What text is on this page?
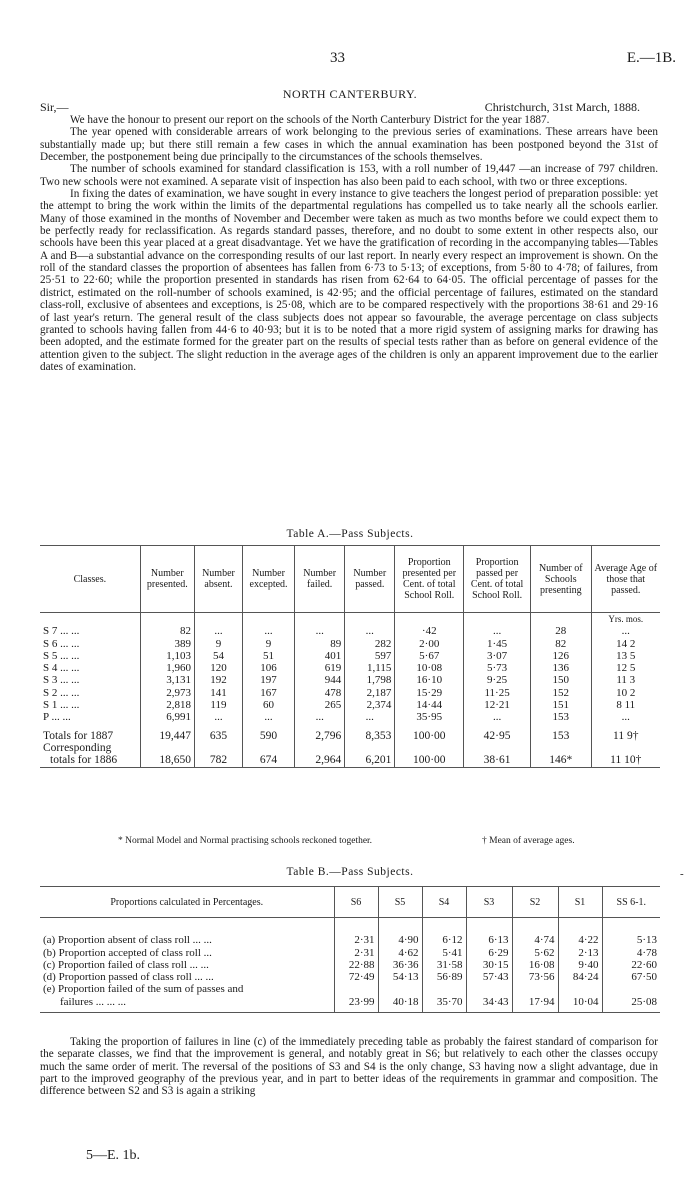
33	E.—1B.
NORTH CANTERBURY.
Sir,—	Christchurch, 31st March, 1888.

We have the honour to present our report on the schools of the North Canterbury District for the year 1887.

The year opened with considerable arrears of work belonging to the previous series of examinations. These arrears have been substantially made up; but there still remain a few cases in which the annual examination has been postponed beyond the 31st of December, the postponement being due principally to the circumstances of the schools themselves.

The number of schools examined for standard classification is 153, with a roll number of 19,447 —an increase of 797 children. Two new schools were not examined. A separate visit of inspection has also been paid to each school, with two or three exceptions.

In fixing the dates of examination, we have sought in every instance to give teachers the longest period of preparation possible: yet the attempt to bring the work within the limits of the departmental regulations has compelled us to take nearly all the schools earlier. Many of those examined in the months of November and December were taken as much as two months before we could expect them to be perfectly ready for reclassification. As regards standard passes, therefore, and no doubt to some extent in other respects also, our schools have been this year placed at a great disadvantage. Yet we have the gratification of recording in the accompanying tables—Tables A and B—a substantial advance on the corresponding results of our last report. In nearly every respect an improvement is shown. On the roll of the standard classes the proportion of absentees has fallen from 6·73 to 5·13; of exceptions, from 5·80 to 4·78; of failures, from 25·51 to 22·60; while the proportion presented in standards has risen from 62·64 to 64·05. The official percentage of passes for the district, estimated on the roll-number of schools examined, is 42·95; and the official percentage of failures, estimated on the standard class-roll, exclusive of absentees and exceptions, is 25·08, which are to be compared respectively with the proportions 38·61 and 29·16 of last year's return. The general result of the class subjects does not appear so favourable, the average percentage on class subjects granted to schools having fallen from 44·6 to 40·93; but it is to be noted that a more rigid system of assigning marks for drawing has been adopted, and the estimate formed for the greater part on the results of special tests rather than as before on general evidence of the attention given to the subject. The slight reduction in the average ages of the children is only an apparent improvement due to the earlier dates of examination.

Table A.—Pass Subjects.
Classes.	Number presented.	Number absent.	Number excepted.	Number failed.	Number passed.	Proportion presented per Cent. of total School Roll.	Proportion passed per Cent. of total School Roll.	Number of Schools presenting	Average Age of those that passed.
									Yrs. mos.
S 7 ... ...	82	...	...	...	...	·42	...	28	...
S 6 ... ...	389	9	9	89	282	2·00	1·45	82	14 2
S 5 ... ...	1,103	54	51	401	597	5·67	3·07	126	13 5
S 4 ... ...	1,960	120	106	619	1,115	10·08	5·73	136	12 5
S 3 ... ...	3,131	192	197	944	1,798	16·10	9·25	150	11 3
S 2 ... ...	2,973	141	167	478	2,187	15·29	11·25	152	10 2
S 1 ... ...	2,818	119	60	265	2,374	14·44	12·21	151	8 11
P ... ...	6,991	...	...	...	...	35·95	...	153	...

Totals for 1887	19,447	635	590	2,796	8,353	100·00	42·95	153	11 9†
Corresponding									
totals for 1886	18,650	782	674	2,964	6,201	100·00	38·61	146*	11 10†
* Normal Model and Normal practising schools reckoned together.	† Mean of average ages.
-
Table B.—Pass Subjects.
Proportions calculated in Percentages.	S6	S5	S4	S3	S2	S1	SS 6-1.

(a) Proportion absent of class roll ... ...	2·31	4·90	6·12	6·13	4·74	4·22	5·13
(b) Proportion accepted of class roll ...	2·31	4·62	5·41	6·29	5·62	2·13	4·78
(c) Proportion failed of class roll ... ...	22·88	36·36	31·58	30·15	16·08	9·40	22·60
(d) Proportion passed of class roll ... ...	72·49	54·13	56·89	57·43	73·56	84·24	67·50
(e) Proportion failed of the sum of passes and							
failures ... ... ...	23·99	40·18	35·70	34·43	17·94	10·04	25·08

Taking the proportion of failures in line (c) of the immediately preceding table as probably the fairest standard of comparison for the separate classes, we find that the improvement is general, and notably great in S6; but relatively to each other the classes occupy much the same order of merit. The reversal of the positions of S3 and S4 is the only change, S3 having now a slight advantage, due in part to the improved geography of the previous year, and in part to better ideas of the requirements in grammar and composition. The difference between S2 and S3 is again a striking

5—E. 1b.
